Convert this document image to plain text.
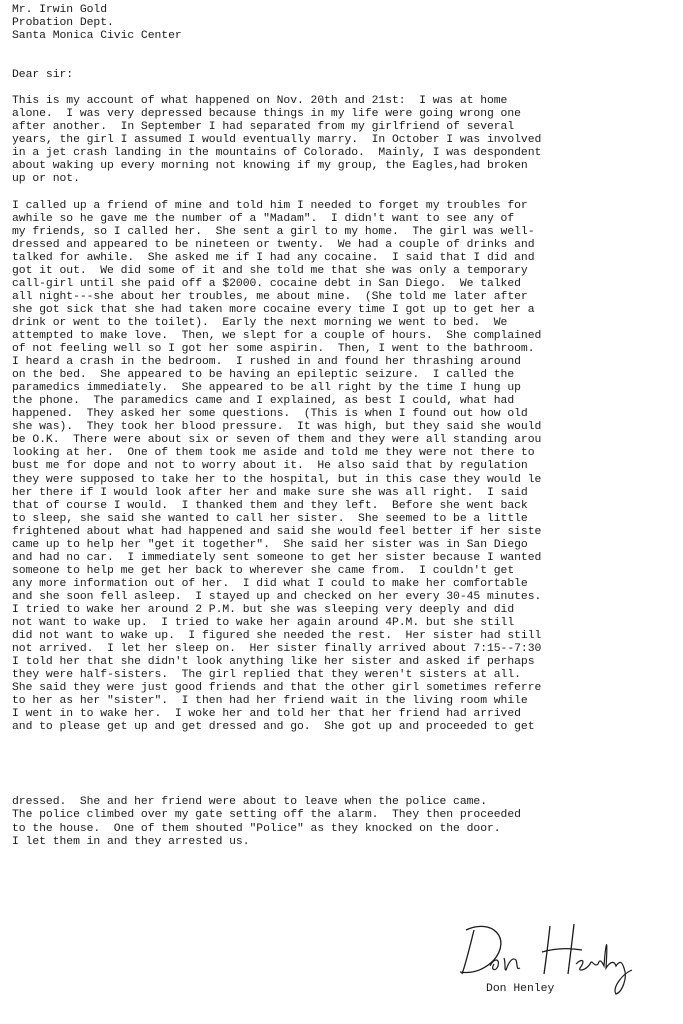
Mr. Irwin Gold
Probation Dept.
Santa Monica Civic Center
Dear sir:
This is my account of what happened on Nov. 20th and 21st:  I was at home
alone.  I was very depressed because things in my life were going wrong one
after another.  In September I had separated from my girlfriend of several
years, the girl I assumed I would eventually marry.  In October I was involved
in a jet crash landing in the mountains of Colorado.  Mainly, I was despondent
about waking up every morning not knowing if my group, the Eagles,had broken
up or not.
I called up a friend of mine and told him I needed to forget my troubles for
awhile so he gave me the number of a "Madam".  I didn't want to see any of
my friends, so I called her.  She sent a girl to my home.  The girl was well-
dressed and appeared to be nineteen or twenty.  We had a couple of drinks and
talked for awhile.  She asked me if I had any cocaine.  I said that I did and
got it out.  We did some of it and she told me that she was only a temporary
call-girl until she paid off a $2000. cocaine debt in San Diego.  We talked
all night---she about her troubles, me about mine.  (She told me later after
she got sick that she had taken more cocaine every time I got up to get her a
drink or went to the toilet).  Early the next morning we went to bed.  We
attempted to make love.  Then, we slept for a couple of hours.  She complained
of not feeling well so I got her some aspirin.  Then, I went to the bathroom.
I heard a crash in the bedroom.  I rushed in and found her thrashing around
on the bed.  She appeared to be having an epileptic seizure.  I called the
paramedics immediately.  She appeared to be all right by the time I hung up
the phone.  The paramedics came and I explained, as best I could, what had
happened.  They asked her some questions.  (This is when I found out how old
she was).  They took her blood pressure.  It was high, but they said she would
be O.K.  There were about six or seven of them and they were all standing arou
looking at her.  One of them took me aside and told me they were not there to
bust me for dope and not to worry about it.  He also said that by regulation
they were supposed to take her to the hospital, but in this case they would le
her there if I would look after her and make sure she was all right.  I said
that of course I would.  I thanked them and they left.  Before she went back
to sleep, she said she wanted to call her sister.  She seemed to be a little
frightened about what had happened and said she would feel better if her siste
came up to help her "get it together".  She said her sister was in San Diego
and had no car.  I immediately sent someone to get her sister because I wanted
someone to help me get her back to wherever she came from.  I couldn't get
any more information out of her.  I did what I could to make her comfortable
and she soon fell asleep.  I stayed up and checked on her every 30-45 minutes.
I tried to wake her around 2 P.M. but she was sleeping very deeply and did
not want to wake up.  I tried to wake her again around 4P.M. but she still
did not want to wake up.  I figured she needed the rest.  Her sister had still
not arrived.  I let her sleep on.  Her sister finally arrived about 7:15--7:30
I told her that she didn't look anything like her sister and asked if perhaps
they were half-sisters.  The girl replied that they weren't sisters at all.
She said they were just good friends and that the other girl sometimes referre
to her as her "sister".  I then had her friend wait in the living room while
I went in to wake her.  I woke her and told her that her friend had arrived
and to please get up and get dressed and go.  She got up and proceeded to get
dressed.  She and her friend were about to leave when the police came.
The police climbed over my gate setting off the alarm.  They then proceeded
to the house.  One of them shouted "Police" as they knocked on the door.
I let them in and they arrested us.
Don Henley
